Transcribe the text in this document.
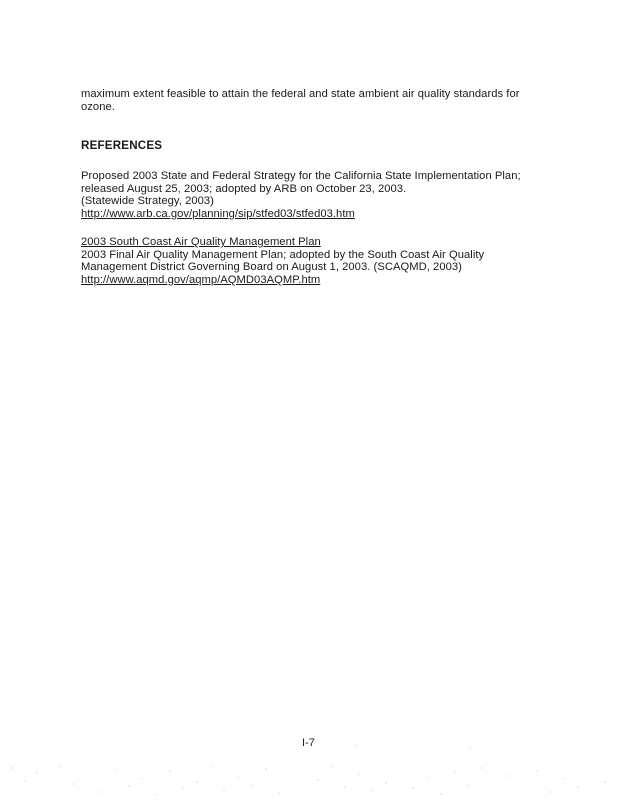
maximum extent feasible to attain the federal and state ambient air quality standards for
ozone.
REFERENCES
Proposed 2003 State and Federal Strategy for the California State Implementation Plan;
released August 25, 2003; adopted by ARB on October 23, 2003.
(Statewide Strategy, 2003)
http://www.arb.ca.gov/planning/sip/stfed03/stfed03.htm
2003 South Coast Air Quality Management Plan
2003 Final Air Quality Management Plan; adopted by the South Coast Air Quality
Management District Governing Board on August 1, 2003. (SCAQMD, 2003)
http://www.aqmd.gov/aqmp/AQMD03AQMP.htm
I-7
